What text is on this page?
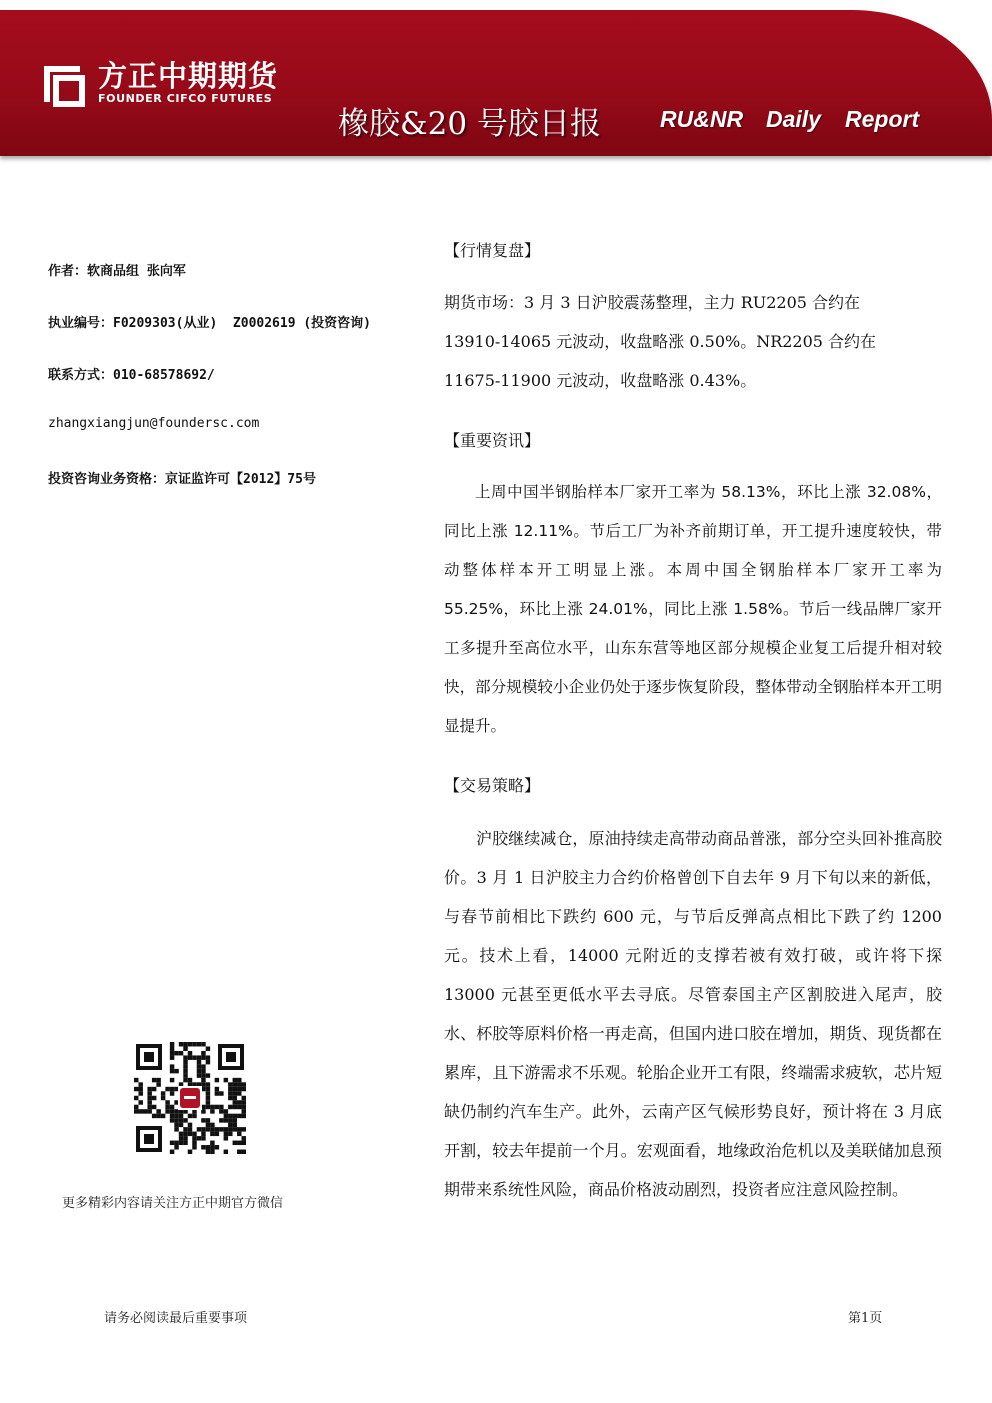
方正中期期货
FOUNDER CIFCO FUTURES
橡胶&20 号胶日报	RU&NR Daily Report
作者：软商品组 张向军
执业编号：F0209303(从业)  Z0002619 (投资咨询)
联系方式：010-68578692/
zhangxiangjun@foundersc.com
投资咨询业务资格：京证监许可【2012】75号
更多精彩内容请关注方正中期官方微信
【行情复盘】
期货市场：3 月 3 日沪胶震荡整理，主力 RU2205 合约在
13910-14065 元波动，收盘略涨 0.50%。NR2205 合约在
11675-11900 元波动，收盘略涨 0.43%。
【重要资讯】

上周中国半钢胎样本厂家开工率为 58.13%，环比上涨 32.08%，同比上涨 12.11%。节后工厂为补齐前期订单，开工提升速度较快，带动整体样本开工明显上涨。本周中国全钢胎样本厂家开工率为 55.25%，环比上涨 24.01%，同比上涨 1.58%。节后一线品牌厂家开工多提升至高位水平，山东东营等地区部分规模企业复工后提升相对较快，部分规模较小企业仍处于逐步恢复阶段，整体带动全钢胎样本开工明显提升。

【交易策略】

沪胶继续减仓，原油持续走高带动商品普涨，部分空头回补推高胶价。3 月 1 日沪胶主力合约价格曾创下自去年 9 月下旬以来的新低，与春节前相比下跌约 600 元，与节后反弹高点相比下跌了约 1200 元。技术上看，14000 元附近的支撑若被有效打破，或许将下探 13000 元甚至更低水平去寻底。尽管泰国主产区割胶进入尾声，胶水、杯胶等原料价格一再走高，但国内进口胶在增加，期货、现货都在累库，且下游需求不乐观。轮胎企业开工有限，终端需求疲软，芯片短缺仍制约汽车生产。此外，云南产区气候形势良好，预计将在 3 月底开割，较去年提前一个月。宏观面看，地缘政治危机以及美联储加息预期带来系统性风险，商品价格波动剧烈，投资者应注意风险控制。

请务必阅读最后重要事项	第1页
